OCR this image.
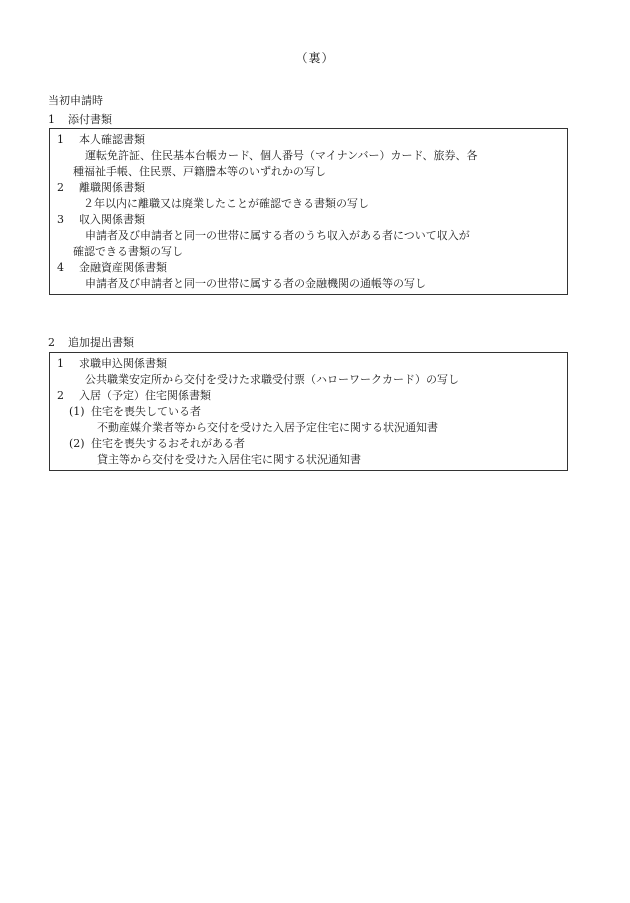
（裏）
当初申請時
1 添付書類
1 本人確認書類
運転免許証、住民基本台帳カード、個人番号（マイナンバー）カード、旅券、各
種福祉手帳、住民票、戸籍謄本等のいずれかの写し
2 離職関係書類
２年以内に離職又は廃業したことが確認できる書類の写し
3 収入関係書類
申請者及び申請者と同一の世帯に属する者のうち収入がある者について収入が
確認できる書類の写し
4 金融資産関係書類
申請者及び申請者と同一の世帯に属する者の金融機関の通帳等の写し
2 追加提出書類
1 求職申込関係書類
公共職業安定所から交付を受けた求職受付票（ハローワークカード）の写し
2 入居（予定）住宅関係書類
(1) 住宅を喪失している者
不動産媒介業者等から交付を受けた入居予定住宅に関する状況通知書
(2) 住宅を喪失するおそれがある者
貸主等から交付を受けた入居住宅に関する状況通知書
